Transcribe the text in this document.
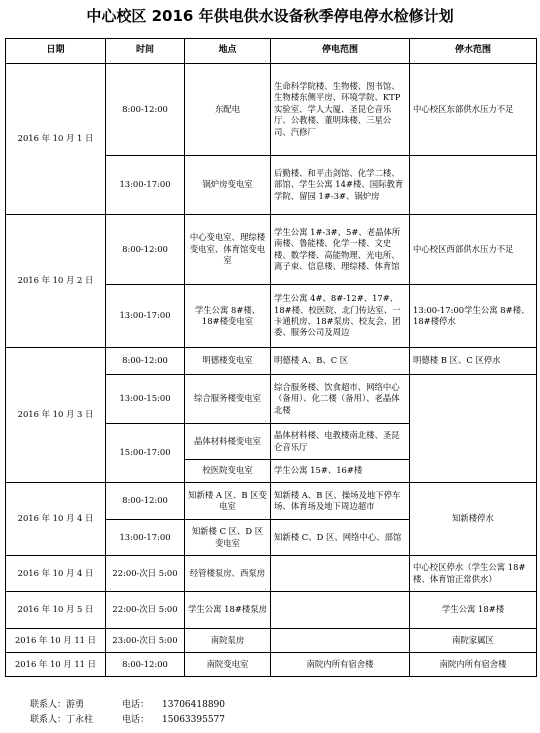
中心校区 2016 年供电供水设备秋季停电停水检修计划
日期	时间	地点	停电范围	停水范围
2016 年 10 月 1 日	8:00-12:00	东配电	生命科学院楼、生物楼、图书馆、生物楼东侧平房、环境学院、KTP 实验室、学人大厦、圣昆仑音乐厅、公教楼、董明珠楼、三星公司、汽修厂	中心校区东部供水压力不足
	13:00-17:00	锅炉房变电室	后勤楼、和平击剑馆、化学二楼、部馆、学生公寓 14#楼、国际教育学院、留园 1#-3#、锅炉房	
2016 年 10 月 2 日	8:00-12:00	中心变电室、理综楼变电室、体育馆变电室	学生公寓 1#-3#、5#、老晶体所南楼、鲁能楼、化学一楼、文史楼、数学楼、高能物理、光电所、离子束、信息楼、理综楼、体育馆	中心校区西部供水压力不足
	13:00-17:00	学生公寓 8#楼、18#楼变电室	学生公寓 4#、8#-12#、17#、18#楼、校医院、北门传达室、一卡通机房、18#泵房、校友会、团委、服务公司及周边	13:00-17:00学生公寓 8#楼、18#楼停水
2016 年 10 月 3 日	8:00-12:00	明德楼变电室	明德楼 A、B、C 区	明德楼 B 区、C 区停水
	13:00-15:00	综合服务楼变电室	综合服务楼、饮食超市、网络中心（备用）、化二楼（备用）、老晶体北楼	
	15:00-17:00	晶体材料楼变电室	晶体材料楼、电教楼南北楼、圣昆仑音乐厅	
		校医院变电室	学生公寓 15#、16#楼	
2016 年 10 月 4 日	8:00-12:00	知新楼 A 区、B 区变电室	知新楼 A、B 区、操场及地下停车场、体育场及地下周边超市	知新楼停水
	13:00-17:00	知新楼 C 区、D 区变电室	知新楼 C、D 区、网络中心、部馆	
2016 年 10 月 4 日	22:00-次日 5:00	经管楼泵房、西泵房		中心校区停水（学生公寓 18#楼、体育馆正常供水）
2016 年 10 月 5 日	22:00-次日 5:00	学生公寓 18#楼泵房		学生公寓 18#楼
2016 年 10 月 11 日	23:00-次日 5:00	南院泵房		南院家属区
2016 年 10 月 11 日	8:00-12:00	南院变电室	南院内所有宿舍楼	南院内所有宿舍楼
联系人：游勇	电话： 13706418890
联系人：丁永柱	电话： 15063395577
